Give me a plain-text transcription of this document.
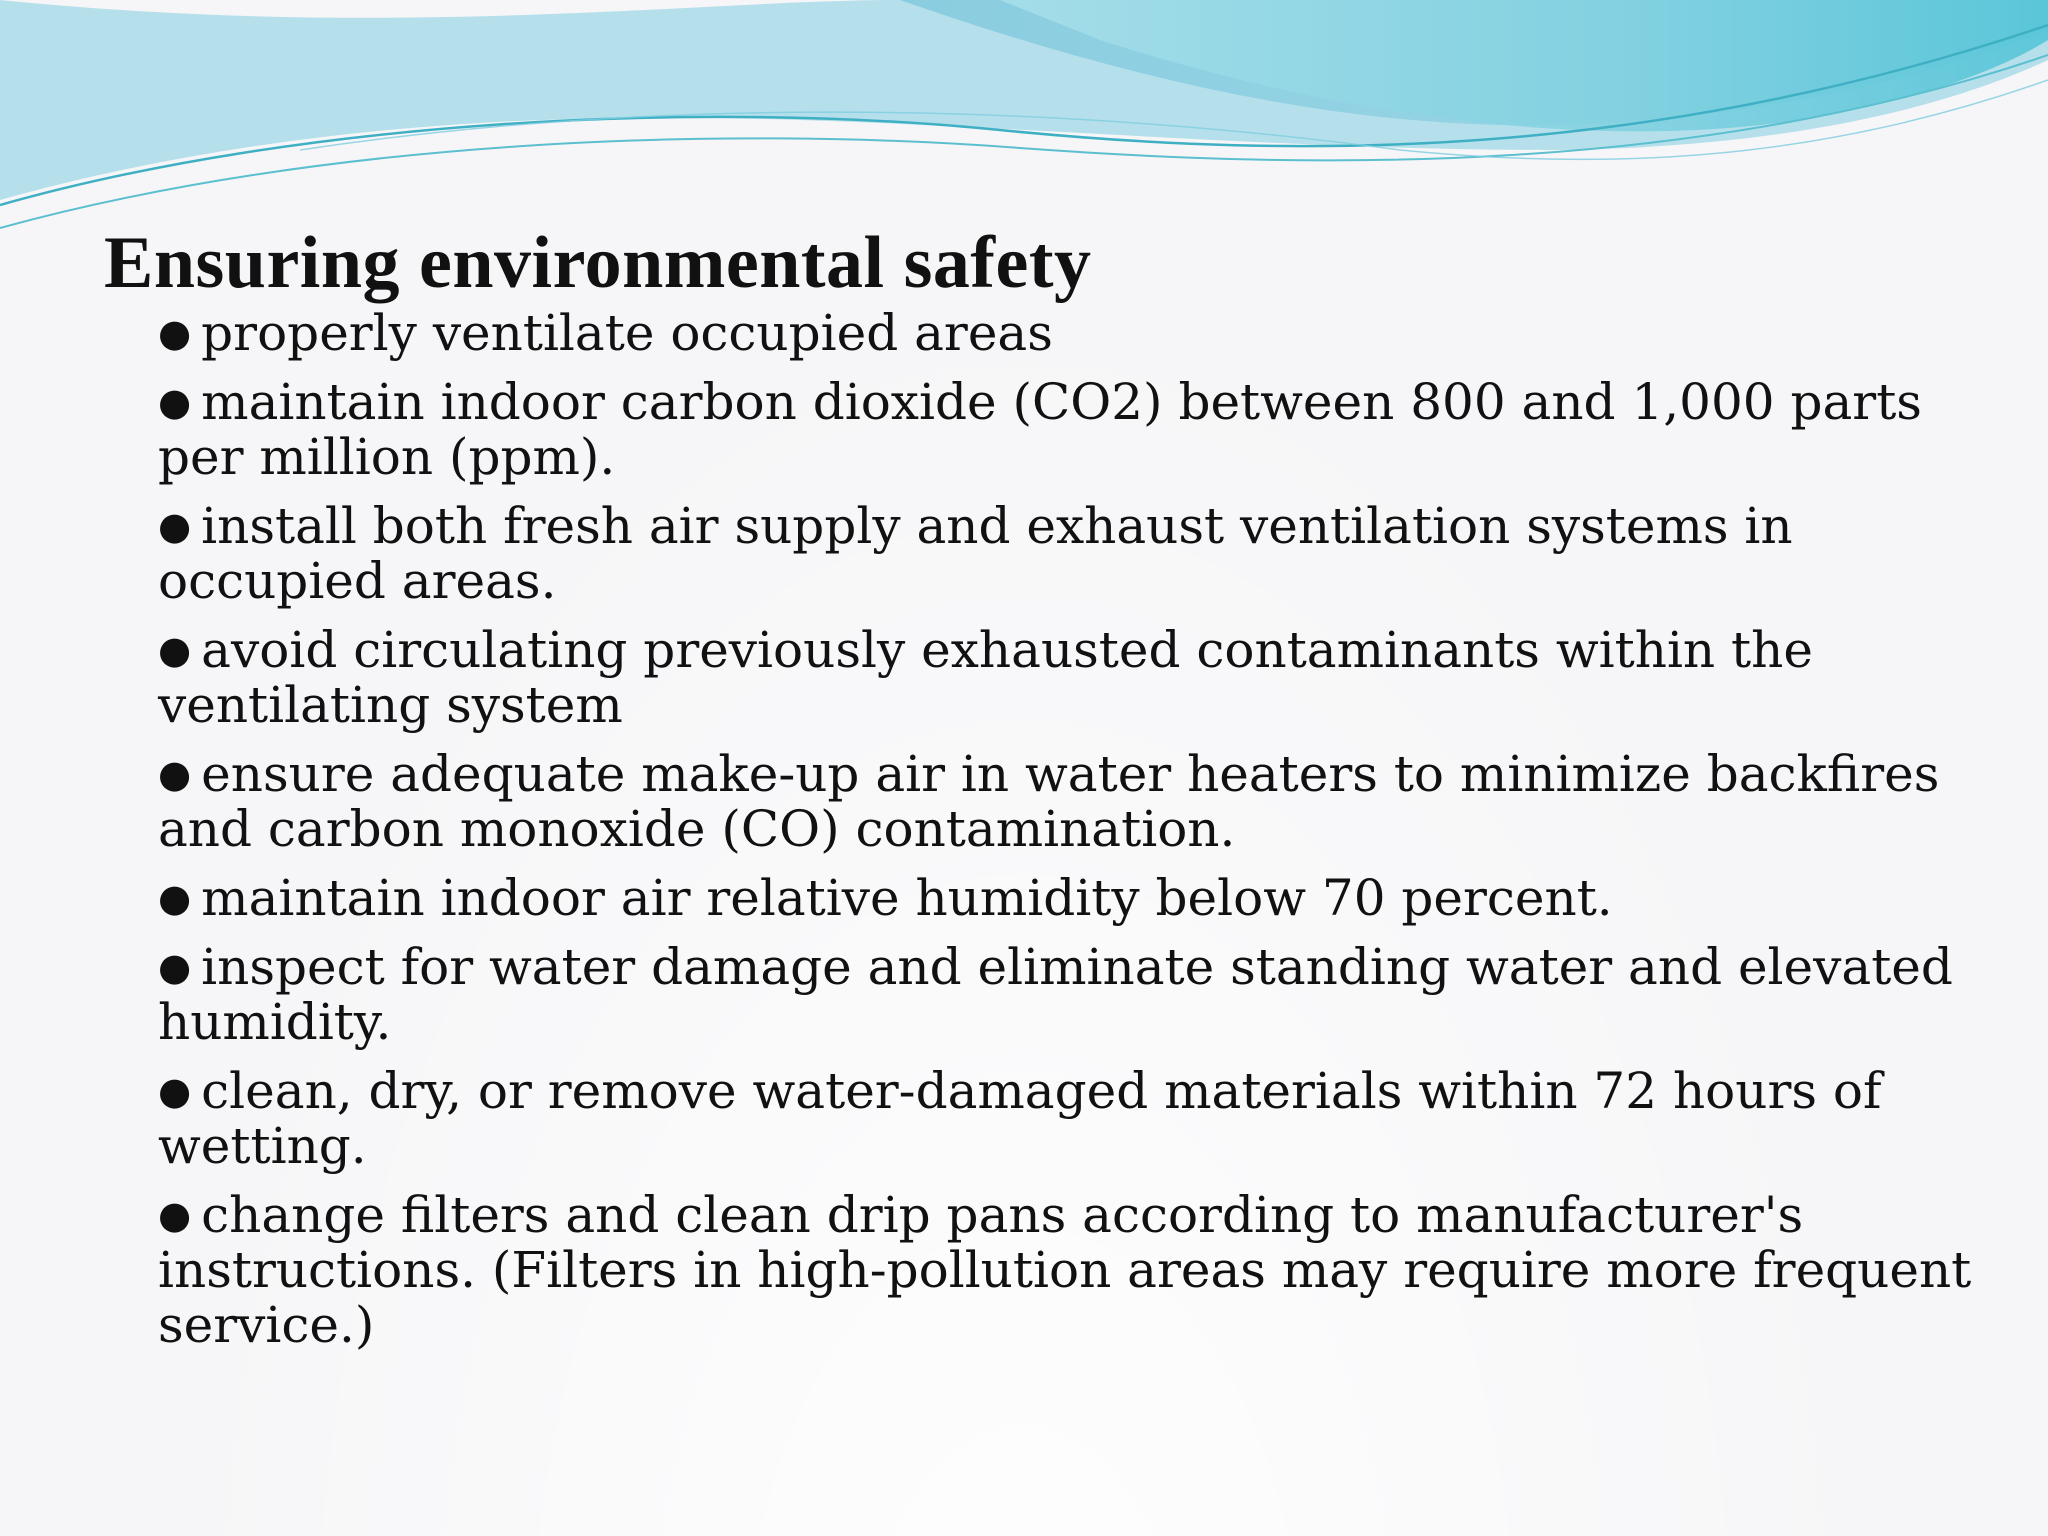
Ensuring environmental safety
● properly ventilate occupied areas
● maintain indoor carbon dioxide (CO2) between 800 and 1,000 parts per million (ppm).
● install both fresh air supply and exhaust ventilation systems in occupied areas.
● avoid circulating previously exhausted contaminants within the ventilating system
● ensure adequate make-up air in water heaters to minimize backfires and carbon monoxide (CO) contamination.
● maintain indoor air relative humidity below 70 percent.
● inspect for water damage and eliminate standing water and elevated humidity.
● clean, dry, or remove water-damaged materials within 72 hours of wetting.
● change filters and clean drip pans according to manufacturer's instructions. (Filters in high-pollution areas may require more frequent service.)
